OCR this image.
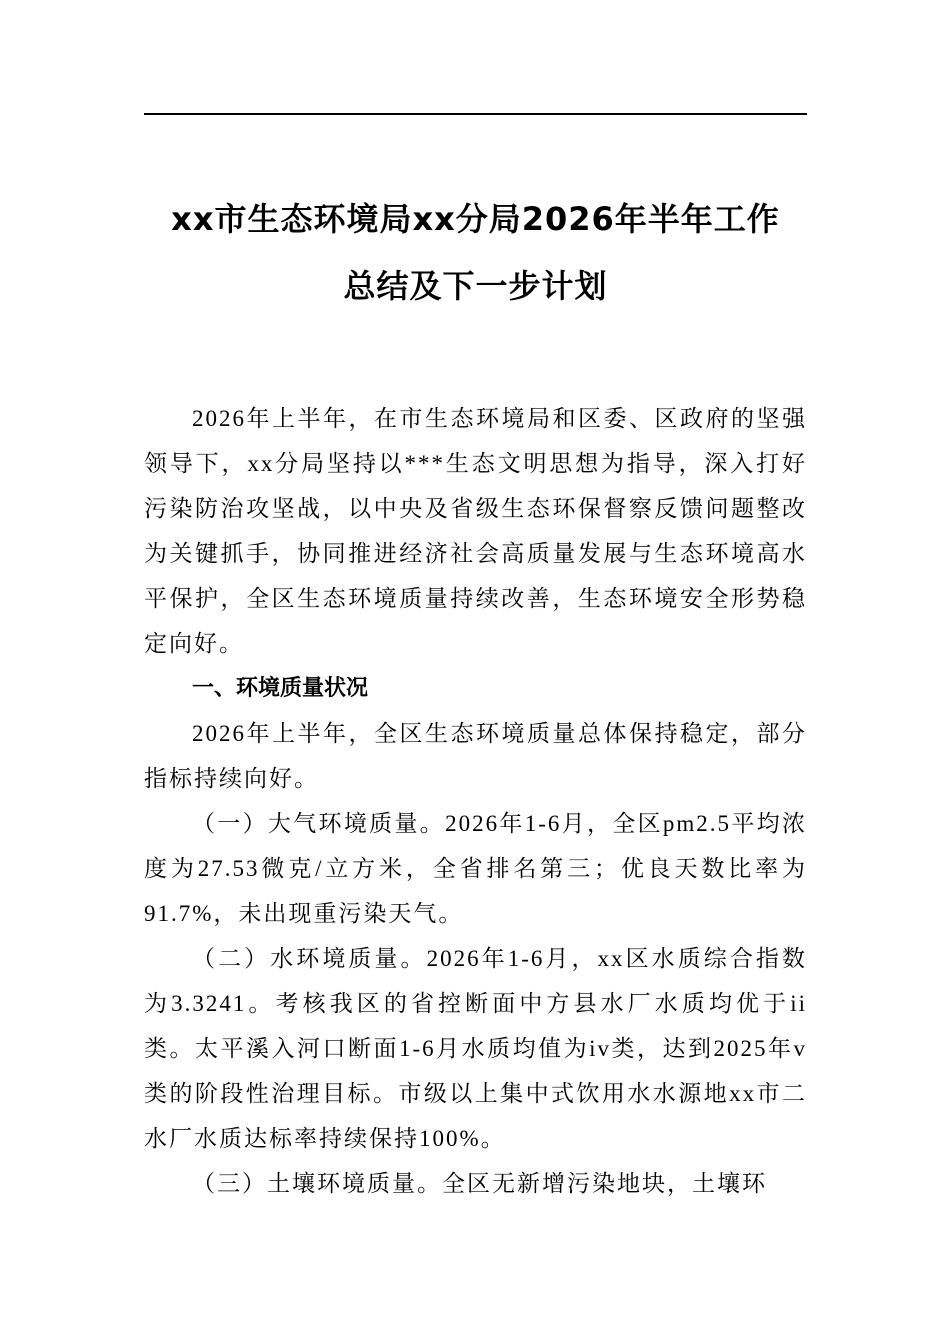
xx市生态环境局xx分局2026年半年工作
总结及下一步计划

2026年上半年，在市生态环境局和区委、区政府的坚强领导下，xx分局坚持以***生态文明思想为指导，深入打好污染防治攻坚战，以中央及省级生态环保督察反馈问题整改为关键抓手，协同推进经济社会高质量发展与生态环境高水平保护，全区生态环境质量持续改善，生态环境安全形势稳定向好。

一、环境质量状况

2026年上半年，全区生态环境质量总体保持稳定，部分指标持续向好。

（一）大气环境质量。2026年1-6月，全区pm2.5平均浓度为27.53微克/立方米，全省排名第三；优良天数比率为91.7%，未出现重污染天气。

（二）水环境质量。2026年1-6月，xx区水质综合指数为3.3241。考核我区的省控断面中方县水厂水质均优于ii类。太平溪入河口断面1-6月水质均值为iv类，达到2025年v类的阶段性治理目标。市级以上集中式饮用水水源地xx市二水厂水质达标率持续保持100%。

（三）土壤环境质量。全区无新增污染地块，土壤环
